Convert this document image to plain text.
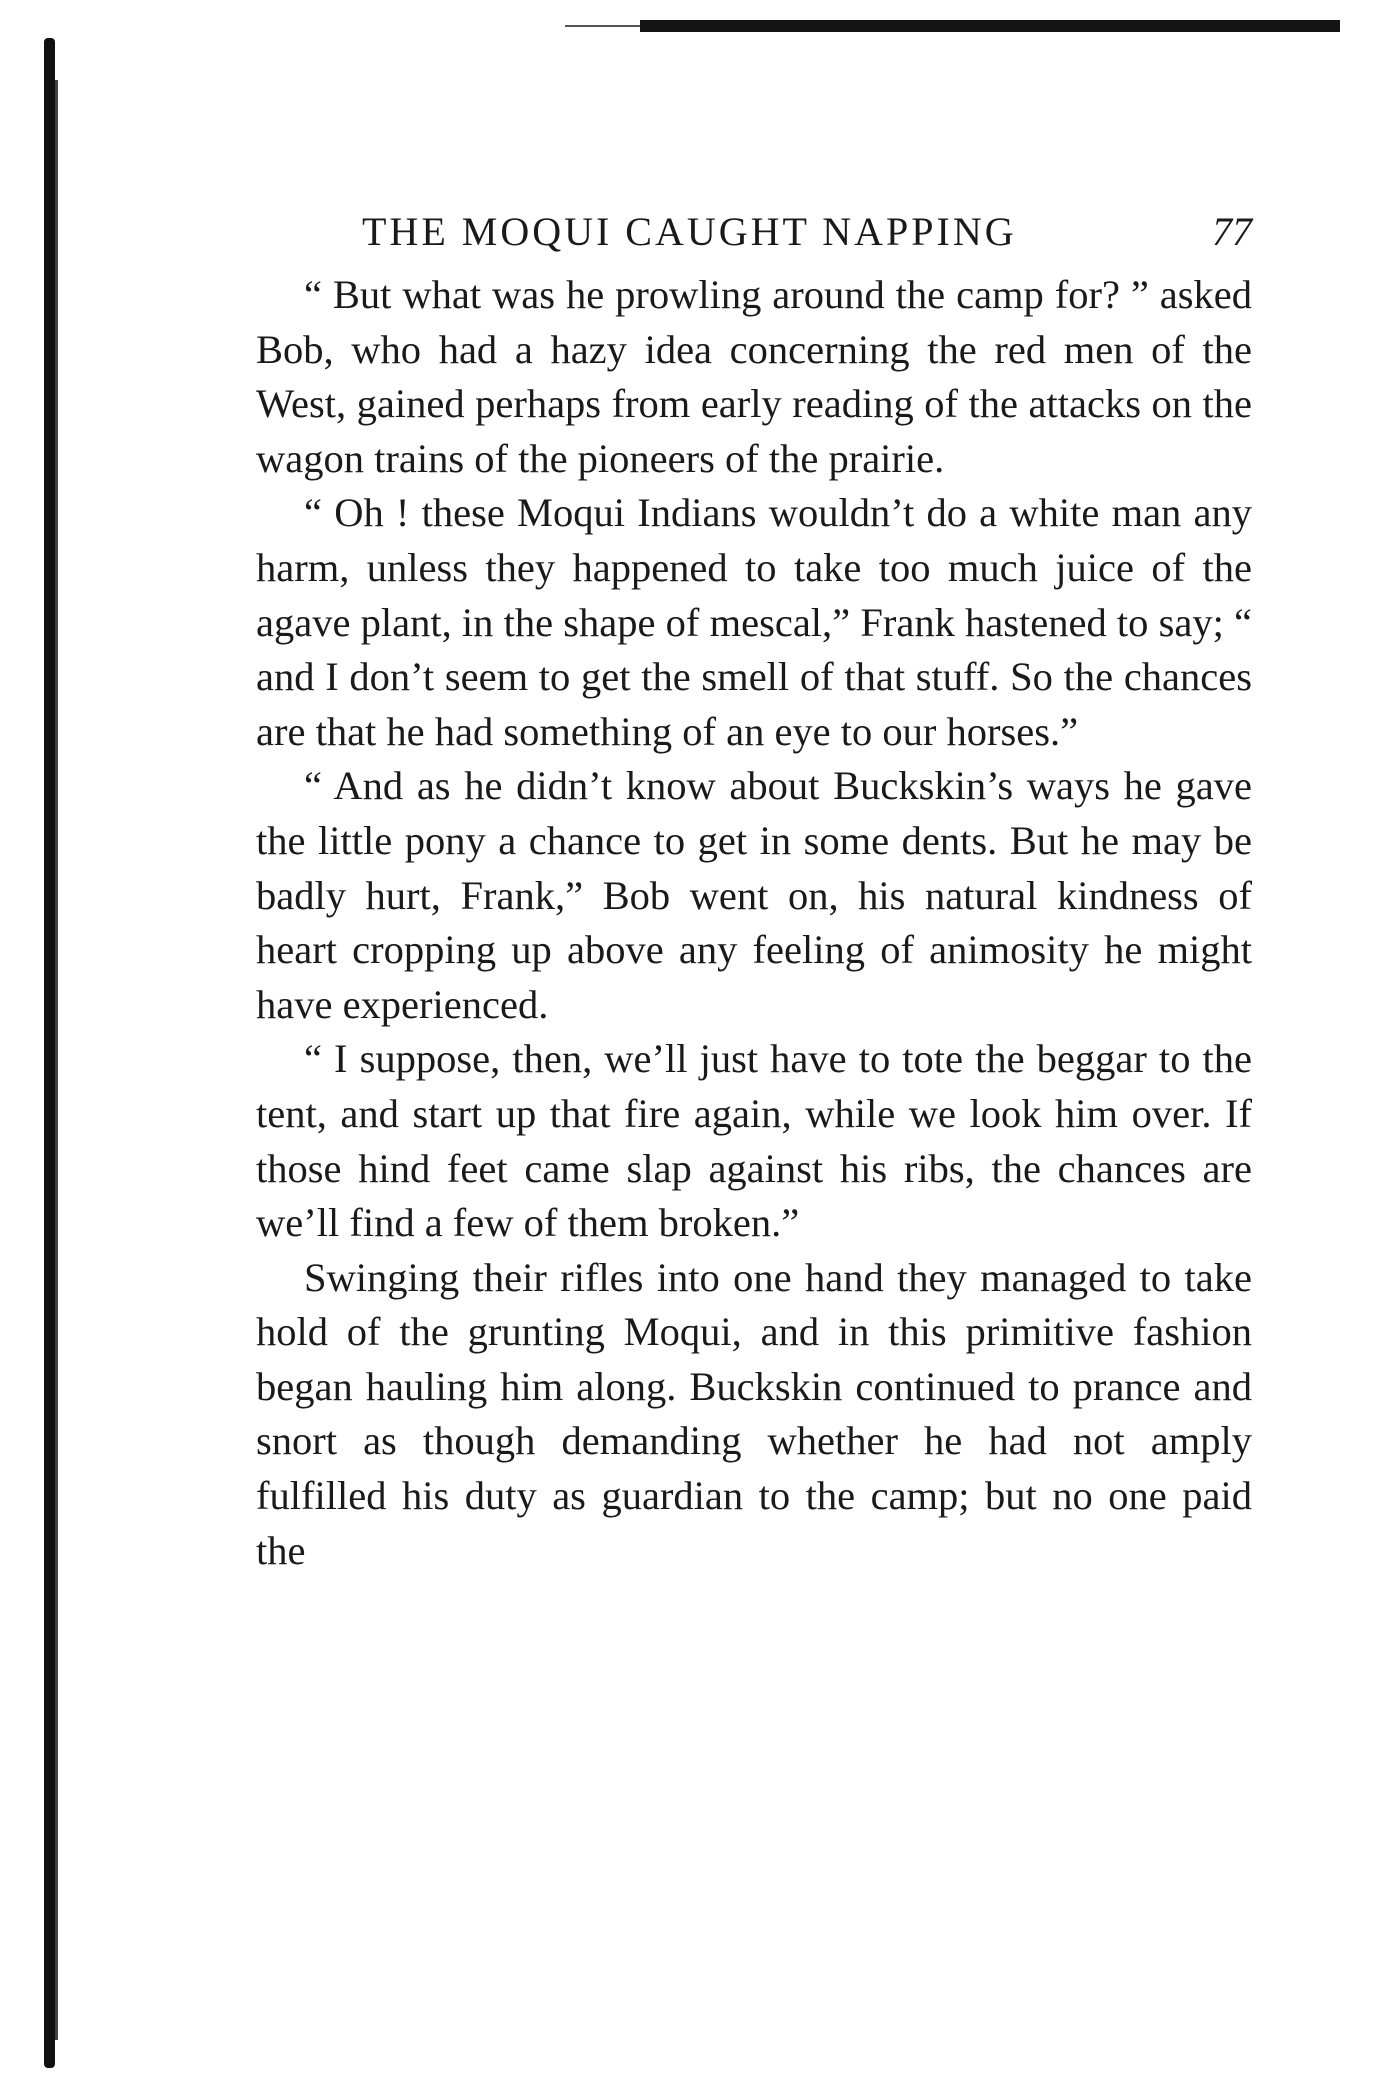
THE MOQUI CAUGHT NAPPING	77

“ But what was he prowling around the camp for? ” asked Bob, who had a hazy idea concerning the red men of the West, gained perhaps from early reading of the attacks on the wagon trains of the pioneers of the prairie.

“ Oh ! these Moqui Indians wouldn’t do a white man any harm, unless they happened to take too much juice of the agave plant, in the shape of mescal,” Frank hastened to say; “ and I don’t seem to get the smell of that stuff. So the chances are that he had something of an eye to our horses.”

“ And as he didn’t know about Buckskin’s ways he gave the little pony a chance to get in some dents. But he may be badly hurt, Frank,” Bob went on, his natural kindness of heart cropping up above any feeling of animosity he might have experienced.

“ I suppose, then, we’ll just have to tote the beggar to the tent, and start up that fire again, while we look him over. If those hind feet came slap against his ribs, the chances are we’ll find a few of them broken.”

Swinging their rifles into one hand they managed to take hold of the grunting Moqui, and in this primitive fashion began hauling him along. Buckskin continued to prance and snort as though demanding whether he had not amply fulfilled his duty as guardian to the camp; but no one paid the
